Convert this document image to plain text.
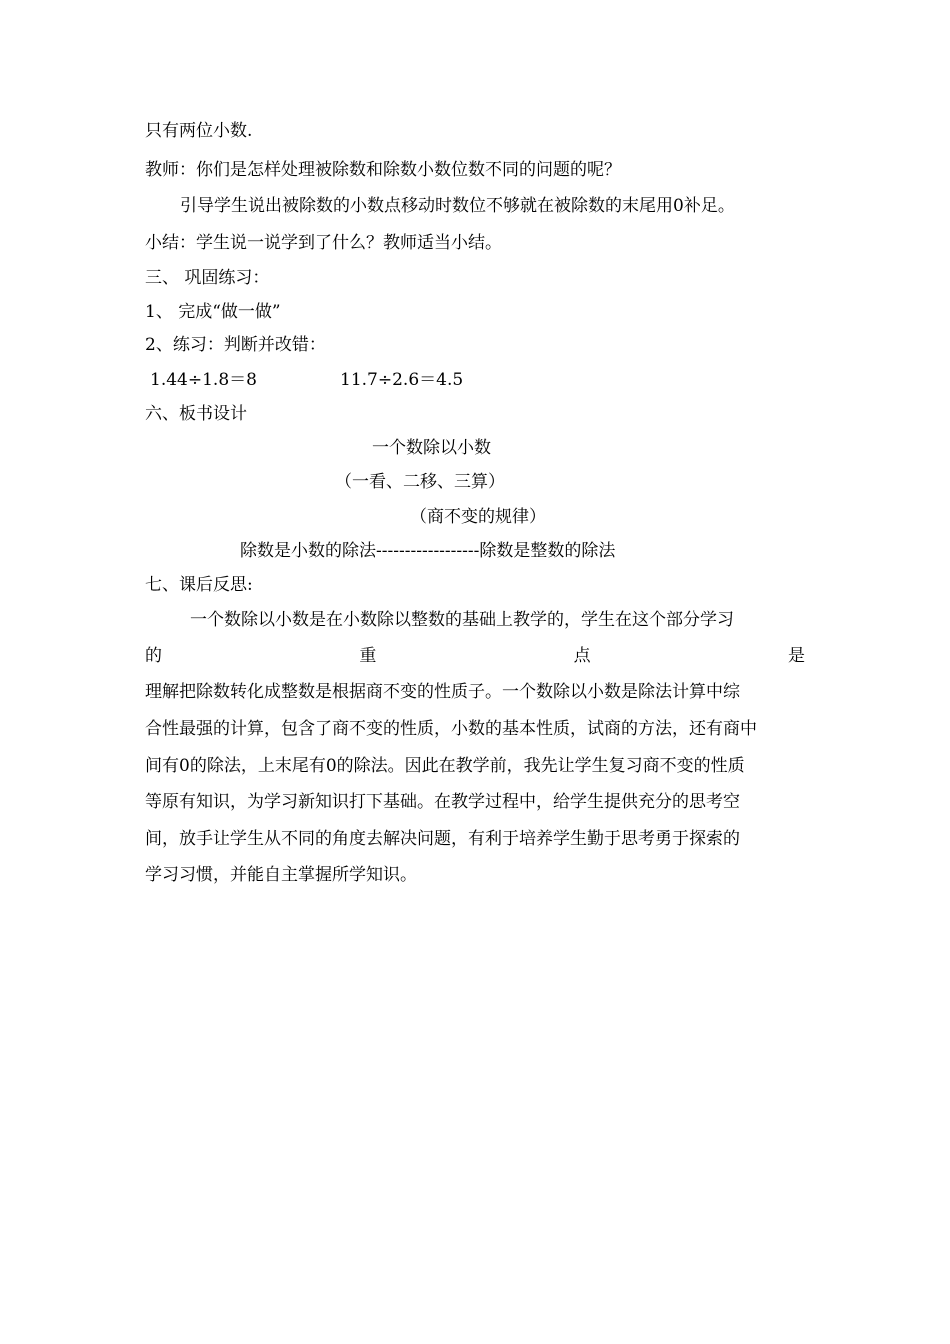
只有两位小数.
教师：你们是怎样处理被除数和除数小数位数不同的问题的呢？
引导学生说出被除数的小数点移动时数位不够就在被除数的末尾用0补足。
小结：学生说一说学到了什么？教师适当小结。
三、 巩固练习：
1、 完成“做一做”
2、练习：判断并改错：
1.44÷1.8＝8	11.7÷2.6＝4.5
六、板书设计
一个数除以小数
（一看、二移、三算）
（商不变的规律）
除数是小数的除法------------------除数是整数的除法
七、课后反思:
一个数除以小数是在小数除以整数的基础上教学的，学生在这个部分学习
的	重	点	是
理解把除数转化成整数是根据商不变的性质子。一个数除以小数是除法计算中综
合性最强的计算，包含了商不变的性质，小数的基本性质，试商的方法，还有商中
间有0的除法，上末尾有0的除法。因此在教学前，我先让学生复习商不变的性质
等原有知识，为学习新知识打下基础。在教学过程中，给学生提供充分的思考空
间，放手让学生从不同的角度去解决问题，有利于培养学生勤于思考勇于探索的
学习习惯，并能自主掌握所学知识。
